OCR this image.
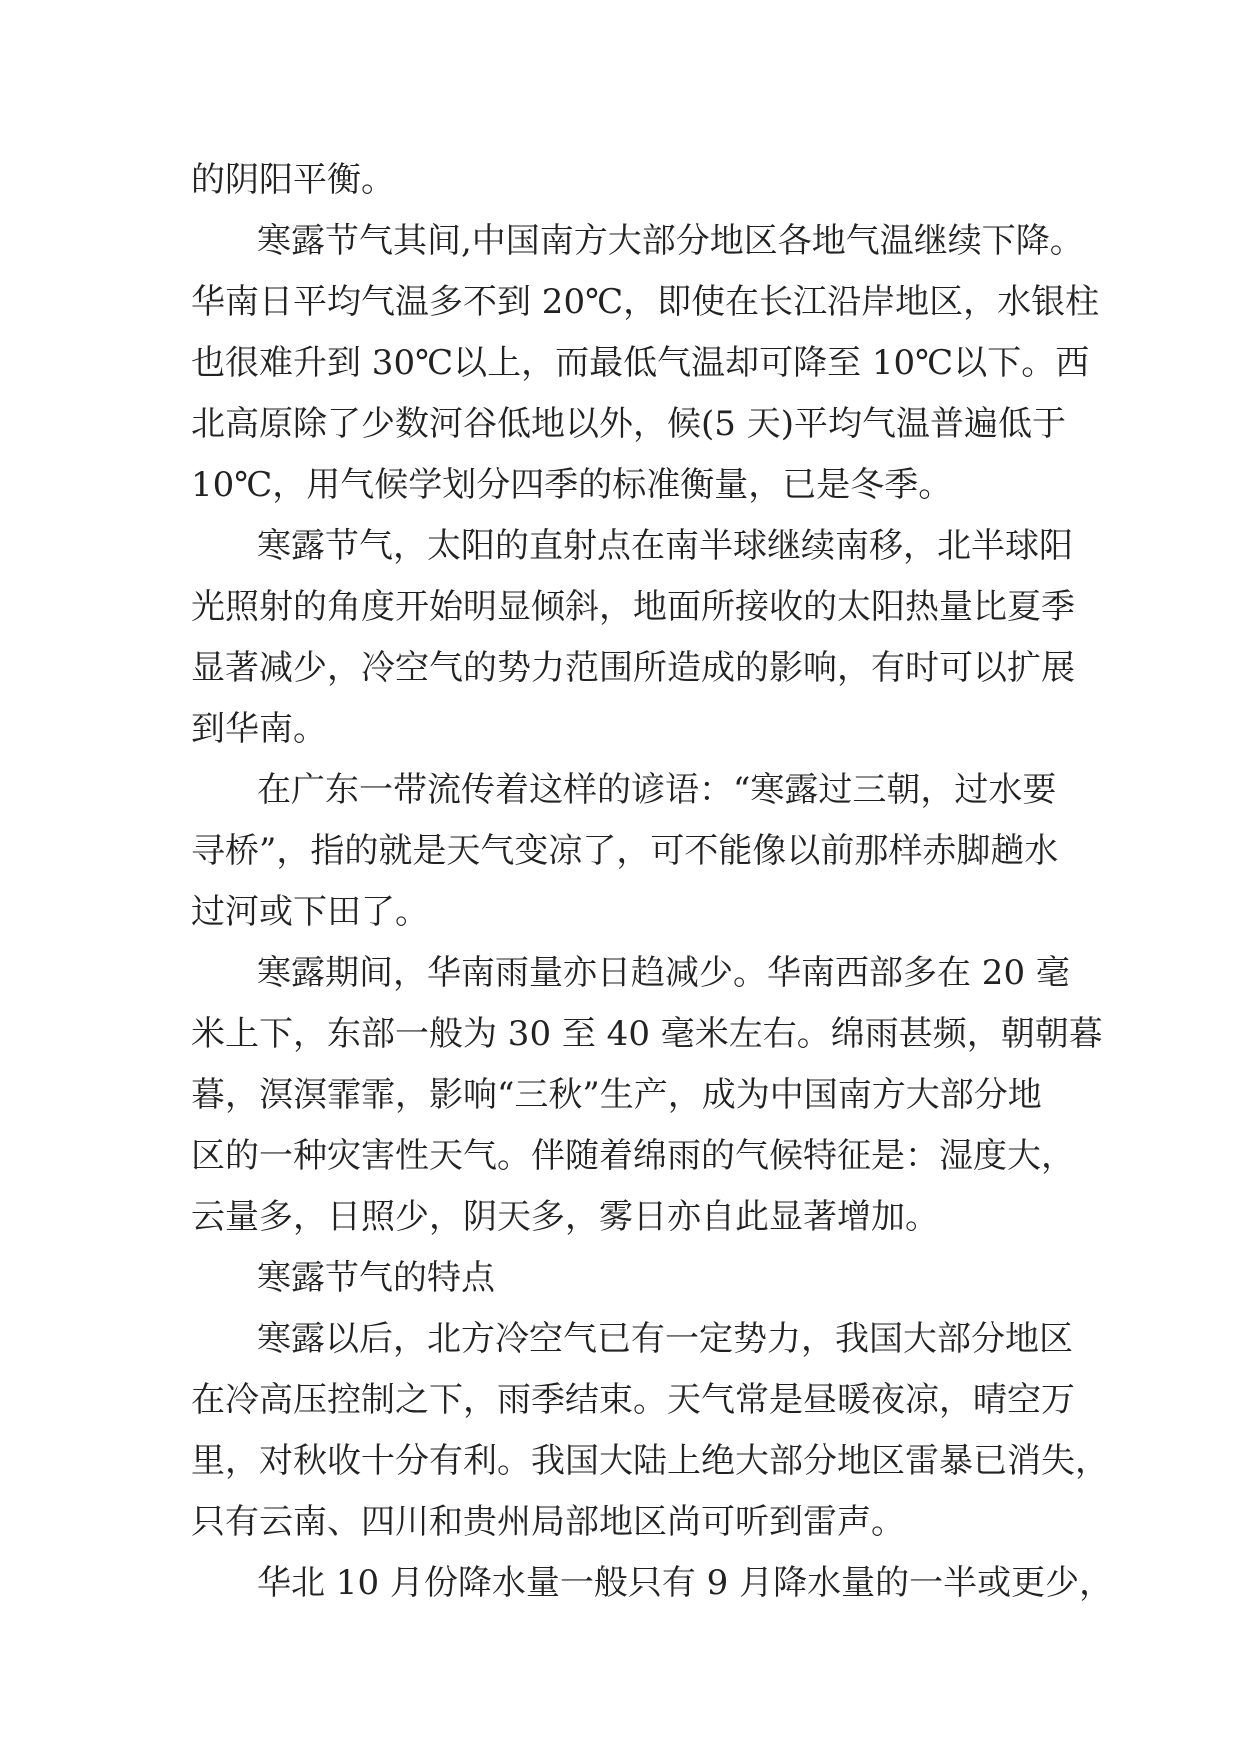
的阴阳平衡。
寒露节气其间,中国南方大部分地区各地气温继续下降。
华南日平均气温多不到 20℃，即使在长江沿岸地区，水银柱
也很难升到 30℃以上，而最低气温却可降至 10℃以下。西
北高原除了少数河谷低地以外，候(5 天)平均气温普遍低于
10℃，用气候学划分四季的标准衡量，已是冬季。
寒露节气，太阳的直射点在南半球继续南移，北半球阳
光照射的角度开始明显倾斜，地面所接收的太阳热量比夏季
显著减少，冷空气的势力范围所造成的影响，有时可以扩展
到华南。
在广东一带流传着这样的谚语：“寒露过三朝，过水要
寻桥”，指的就是天气变凉了，可不能像以前那样赤脚趟水
过河或下田了。
寒露期间，华南雨量亦日趋减少。华南西部多在 20 毫
米上下，东部一般为 30 至 40 毫米左右。绵雨甚频，朝朝暮
暮，溟溟霏霏，影响“三秋”生产，成为中国南方大部分地
区的一种灾害性天气。伴随着绵雨的气候特征是：湿度大，
云量多，日照少，阴天多，雾日亦自此显著增加。
寒露节气的特点
寒露以后，北方冷空气已有一定势力，我国大部分地区
在冷高压控制之下，雨季结束。天气常是昼暖夜凉，晴空万
里，对秋收十分有利。我国大陆上绝大部分地区雷暴已消失，
只有云南、四川和贵州局部地区尚可听到雷声。
华北 10 月份降水量一般只有 9 月降水量的一半或更少，
